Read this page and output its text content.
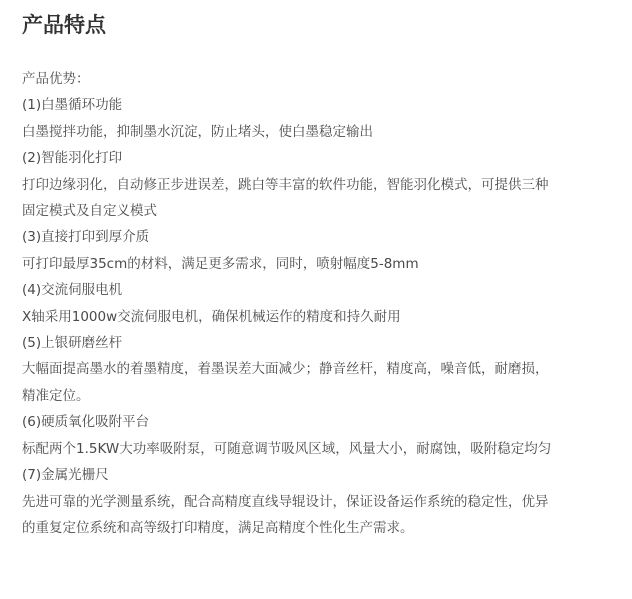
产品特点
产品优势：
(1)白墨循环功能
白墨搅拌功能，抑制墨水沉淀，防止堵头，使白墨稳定输出
(2)智能羽化打印
打印边缘羽化，自动修正步进误差，跳白等丰富的软件功能，智能羽化模式，可提供三种
固定模式及自定义模式
(3)直接打印到厚介质
可打印最厚35cm的材料，满足更多需求，同时，喷射幅度5-8mm
(4)交流伺服电机
X轴采用1000w交流伺服电机，确保机械运作的精度和持久耐用
(5)上银研磨丝杆
大幅面提高墨水的着墨精度，着墨误差大面减少；静音丝杆，精度高，噪音低，耐磨损，
精准定位。
(6)硬质氧化吸附平台
标配两个1.5KW大功率吸附泵，可随意调节吸风区域，风量大小，耐腐蚀，吸附稳定均匀
(7)金属光栅尺
先进可靠的光学测量系统，配合高精度直线导辊设计，保证设备运作系统的稳定性，优异
的重复定位系统和高等级打印精度，满足高精度个性化生产需求。
